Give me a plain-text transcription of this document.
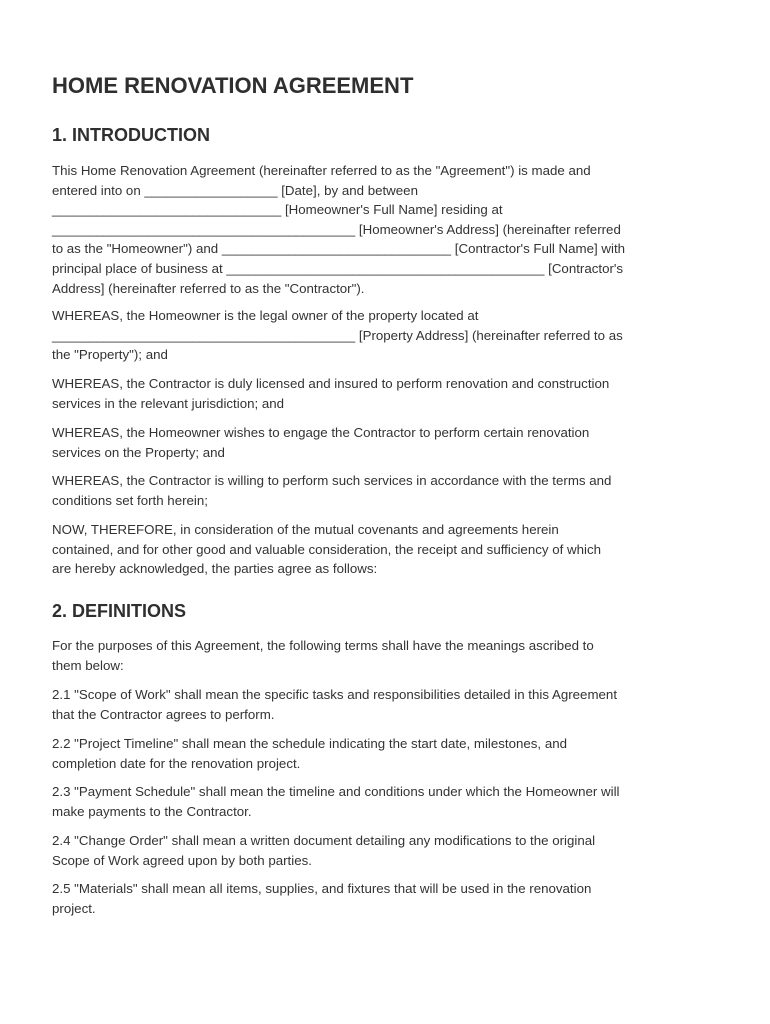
HOME RENOVATION AGREEMENT
1. INTRODUCTION
This Home Renovation Agreement (hereinafter referred to as the "Agreement") is made and
entered into on __________________ [Date], by and between
_______________________________ [Homeowner's Full Name] residing at
_________________________________________ [Homeowner's Address] (hereinafter referred
to as the "Homeowner") and _______________________________ [Contractor's Full Name] with
principal place of business at ___________________________________________ [Contractor's
Address] (hereinafter referred to as the "Contractor").
WHEREAS, the Homeowner is the legal owner of the property located at
_________________________________________ [Property Address] (hereinafter referred to as
the "Property"); and
WHEREAS, the Contractor is duly licensed and insured to perform renovation and construction
services in the relevant jurisdiction; and
WHEREAS, the Homeowner wishes to engage the Contractor to perform certain renovation
services on the Property; and
WHEREAS, the Contractor is willing to perform such services in accordance with the terms and
conditions set forth herein;
NOW, THEREFORE, in consideration of the mutual covenants and agreements herein
contained, and for other good and valuable consideration, the receipt and sufficiency of which
are hereby acknowledged, the parties agree as follows:
2. DEFINITIONS
For the purposes of this Agreement, the following terms shall have the meanings ascribed to
them below:
2.1 "Scope of Work" shall mean the specific tasks and responsibilities detailed in this Agreement
that the Contractor agrees to perform.
2.2 "Project Timeline" shall mean the schedule indicating the start date, milestones, and
completion date for the renovation project.
2.3 "Payment Schedule" shall mean the timeline and conditions under which the Homeowner will
make payments to the Contractor.
2.4 "Change Order" shall mean a written document detailing any modifications to the original
Scope of Work agreed upon by both parties.
2.5 "Materials" shall mean all items, supplies, and fixtures that will be used in the renovation
project.
